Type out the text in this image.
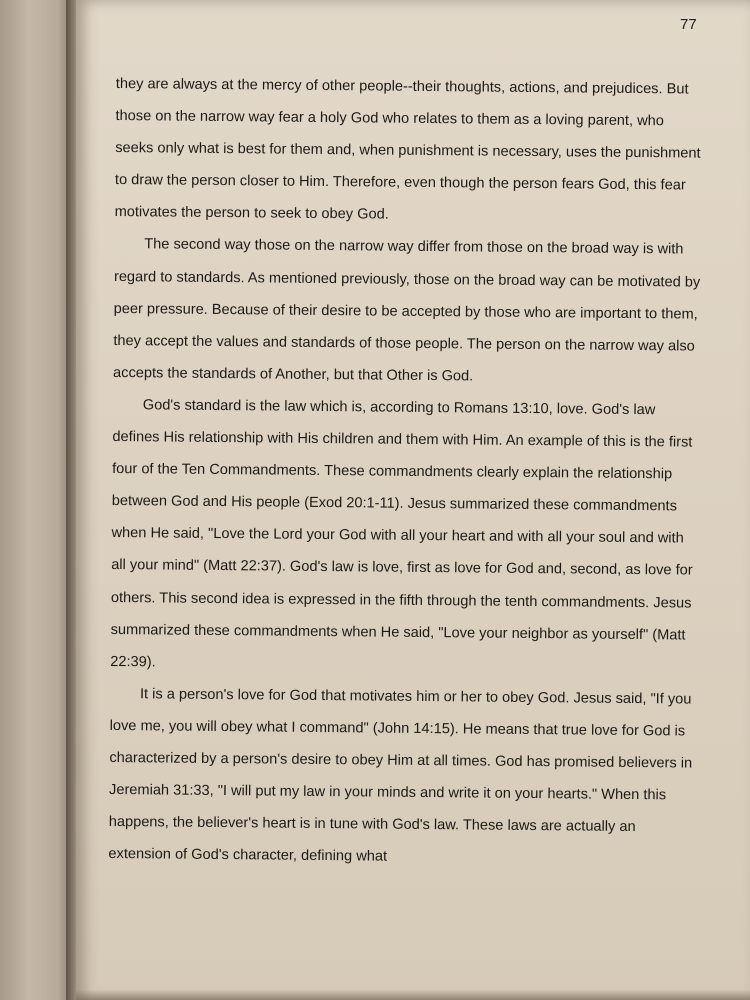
77

they are always at the mercy of other people--their thoughts, actions, and prejudices. But those on the narrow way fear a holy God who relates to them as a loving parent, who seeks only what is best for them and, when punishment is necessary, uses the punishment to draw the person closer to Him. Therefore, even though the person fears God, this fear motivates the person to seek to obey God.

The second way those on the narrow way differ from those on the broad way is with regard to standards. As mentioned previously, those on the broad way can be motivated by peer pressure. Because of their desire to be accepted by those who are important to them, they accept the values and standards of those people. The person on the narrow way also accepts the standards of Another, but that Other is God.

God's standard is the law which is, according to Romans 13:10, love. God's law defines His relationship with His children and them with Him. An example of this is the first four of the Ten Commandments. These commandments clearly explain the relationship between God and His people (Exod 20:1-11). Jesus summarized these commandments when He said, "Love the Lord your God with all your heart and with all your soul and with all your mind" (Matt 22:37). God's law is love, first as love for God and, second, as love for others. This second idea is expressed in the fifth through the tenth commandments. Jesus summarized these commandments when He said, "Love your neighbor as yourself" (Matt 22:39).

It is a person's love for God that motivates him or her to obey God. Jesus said, "If you love me, you will obey what I command" (John 14:15). He means that true love for God is characterized by a person's desire to obey Him at all times. God has promised believers in Jeremiah 31:33, "I will put my law in your minds and write it on your hearts." When this happens, the believer's heart is in tune with God's law. These laws are actually an extension of God's character, defining what
